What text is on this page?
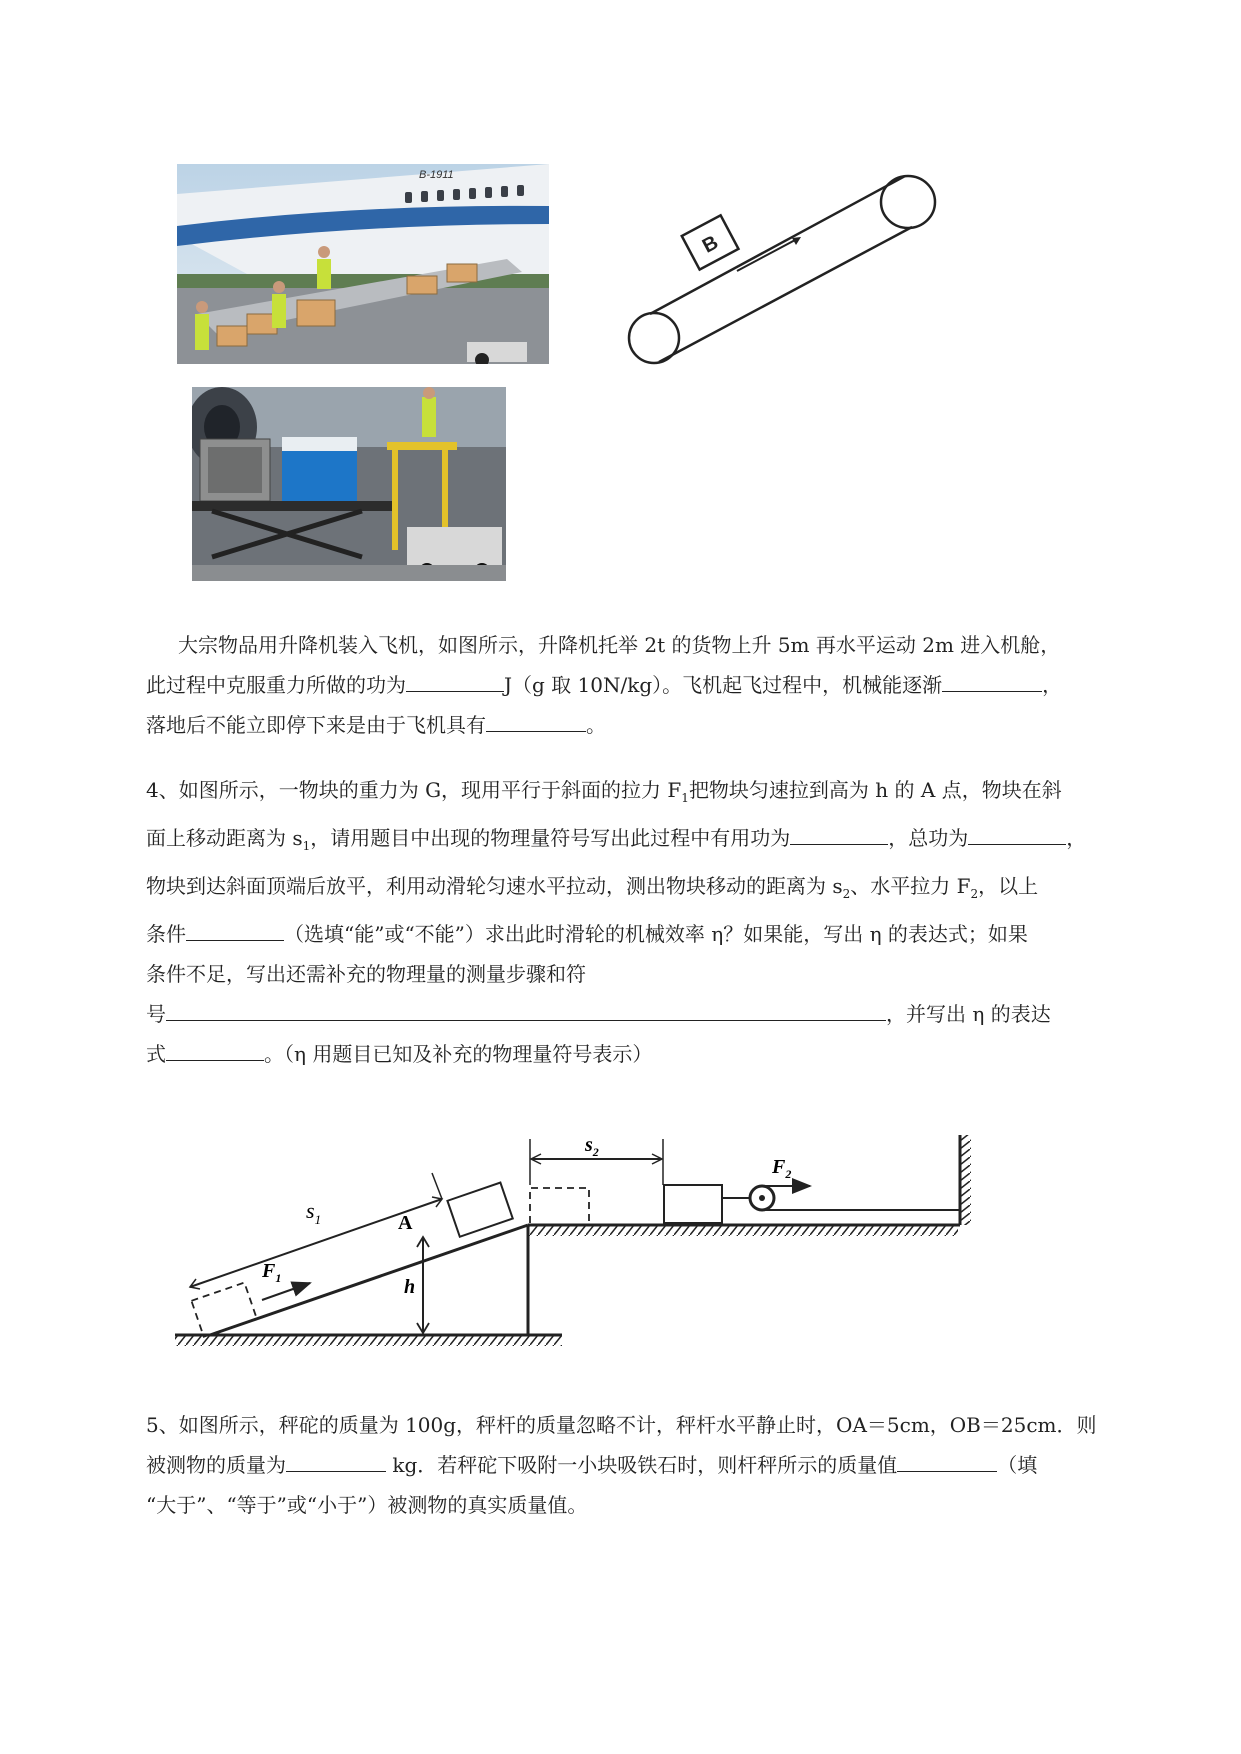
B-1911
B

大宗物品用升降机装入飞机，如图所示，升降机托举 2t 的货物上升 5m 再水平运动 2m 进入机舱，

此过程中克服重力所做的功为	J（g 取 10N/kg）。飞机起飞过程中，机械能逐渐	，

落地后不能立即停下来是由于飞机具有	。

4、如图所示，一物块的重力为 G，现用平行于斜面的拉力 $F_1$把物块匀速拉到高为 h 的 A 点，物块在斜

面上移动距离为 $s_1$，请用题目中出现的物理量符号写出此过程中有用功为	，总功为	，

物块到达斜面顶端后放平，利用动滑轮匀速水平拉动，测出物块移动的距离为 $s_2$、水平拉力 $F_2$，以上

条件	（选填“能”或“不能”）求出此时滑轮的机械效率 η？如果能，写出 η 的表达式；如果

条件不足，写出还需补充的物理量的测量步骤和符

号	，并写出 η 的表达

式	。（η 用题目已知及补充的物理量符号表示）

$s_1$
$F_1$
A
h
$s_2$
$F_2$

5、如图所示，秤砣的质量为 100g，秤杆的质量忽略不计，秤杆水平静止时，OA＝5cm，OB＝25cm．则

被测物的质量为	kg．若秤砣下吸附一小块吸铁石时，则杆秤所示的质量值	（填

“大于”、“等于”或“小于”）被测物的真实质量值。
